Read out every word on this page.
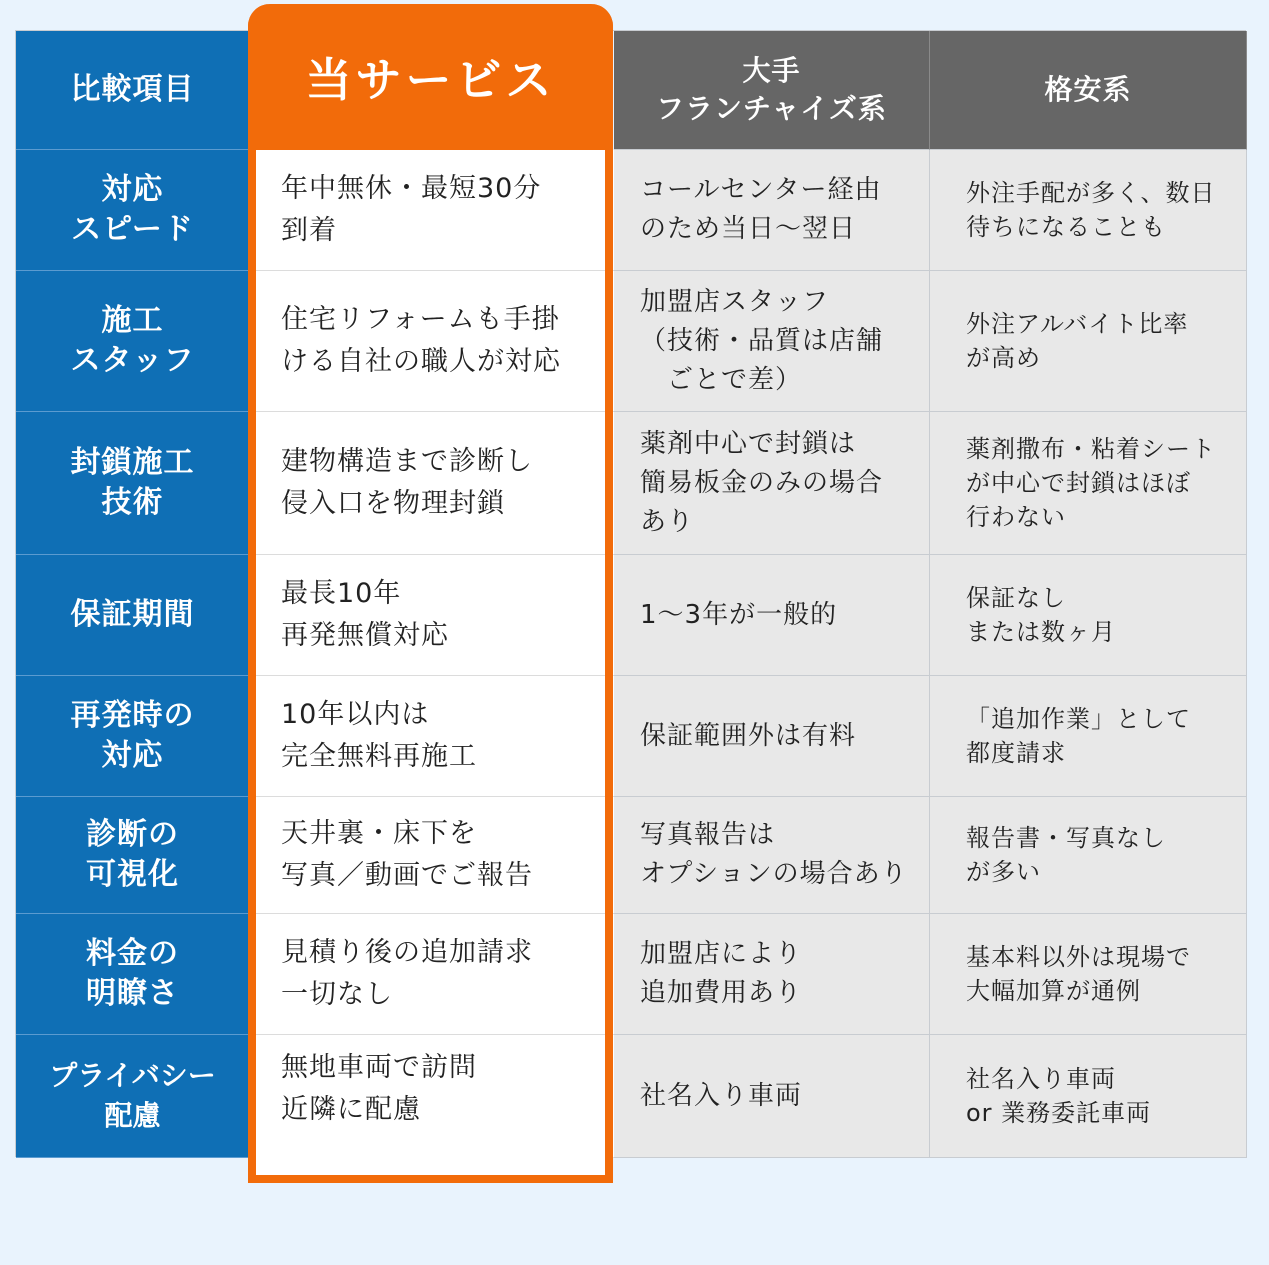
比較項目
大手
フランチャイズ系
格安系
対応
スピード
年中無休・最短30分
到着
コールセンター経由
のため当日〜翌日
外注手配が多く、数日
待ちになることも
施工
スタッフ
住宅リフォームも手掛
ける自社の職人が対応
加盟店スタッフ
（技術・品質は店舗
　ごとで差）
外注アルバイト比率
が高め
封鎖施工
技術
建物構造まで診断し
侵入口を物理封鎖
薬剤中心で封鎖は
簡易板金のみの場合
あり
薬剤撒布・粘着シート
が中心で封鎖はほぼ
行わない
保証期間
最長10年
再発無償対応
1〜3年が一般的
保証なし
または数ヶ月
再発時の
対応
10年以内は
完全無料再施工
保証範囲外は有料
「追加作業」として
都度請求
診断の
可視化
天井裏・床下を
写真／動画でご報告
写真報告は
オプションの場合あり
報告書・写真なし
が多い
料金の
明瞭さ
見積り後の追加請求
一切なし
加盟店により
追加費用あり
基本料以外は現場で
大幅加算が通例
プライバシー
配慮
無地車両で訪問
近隣に配慮	社名入り車両
社名入り車両
or 業務委託車両
当サービス
